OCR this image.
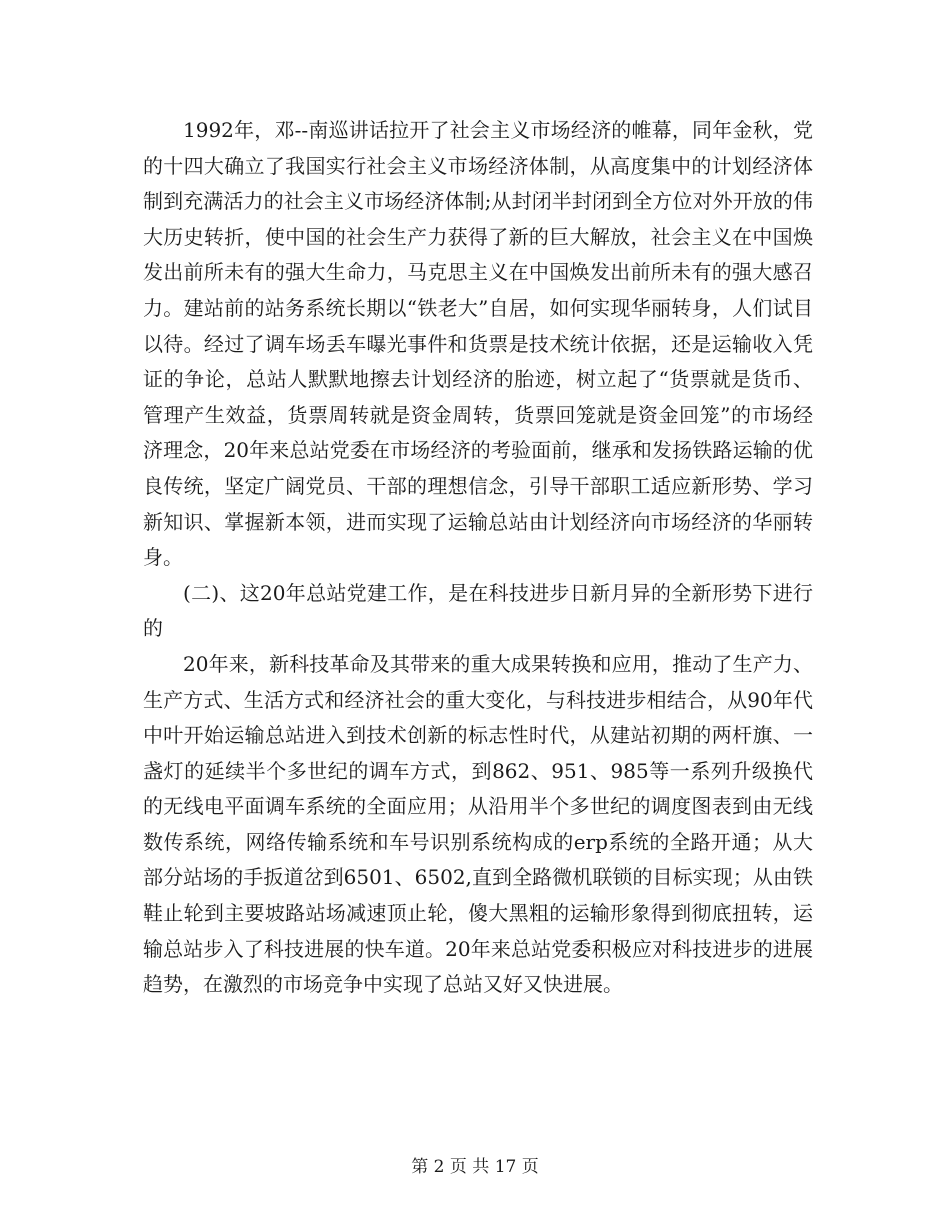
1992年，邓--南巡讲话拉开了社会主义市场经济的帷幕，同年金秋，党的十四大确立了我国实行社会主义市场经济体制，从高度集中的计划经济体制到充满活力的社会主义市场经济体制;从封闭半封闭到全方位对外开放的伟大历史转折，使中国的社会生产力获得了新的巨大解放，社会主义在中国焕发出前所未有的强大生命力，马克思主义在中国焕发出前所未有的强大感召力。建站前的站务系统长期以“铁老大”自居，如何实现华丽转身，人们试目以待。经过了调车场丢车曝光事件和货票是技术统计依据，还是运输收入凭证的争论，总站人默默地擦去计划经济的胎迹，树立起了“货票就是货币、管理产生效益，货票周转就是资金周转，货票回笼就是资金回笼”的市场经济理念，20年来总站党委在市场经济的考验面前，继承和发扬铁路运输的优良传统，坚定广阔党员、干部的理想信念，引导干部职工适应新形势、学习新知识、掌握新本领，进而实现了运输总站由计划经济向市场经济的华丽转身。

(二)、这20年总站党建工作，是在科技进步日新月异的全新形势下进行的

20年来，新科技革命及其带来的重大成果转换和应用，推动了生产力、生产方式、生活方式和经济社会的重大变化，与科技进步相结合，从90年代中叶开始运输总站进入到技术创新的标志性时代，从建站初期的两杆旗、一盏灯的延续半个多世纪的调车方式，到862、951、985等一系列升级换代的无线电平面调车系统的全面应用；从沿用半个多世纪的调度图表到由无线数传系统，网络传输系统和车号识别系统构成的erp系统的全路开通；从大部分站场的手扳道岔到6501、6502,直到全路微机联锁的目标实现；从由铁鞋止轮到主要坡路站场减速顶止轮，傻大黑粗的运输形象得到彻底扭转，运输总站步入了科技进展的快车道。20年来总站党委积极应对科技进步的进展趋势，在激烈的市场竞争中实现了总站又好又快进展。

第 2 页 共 17 页
